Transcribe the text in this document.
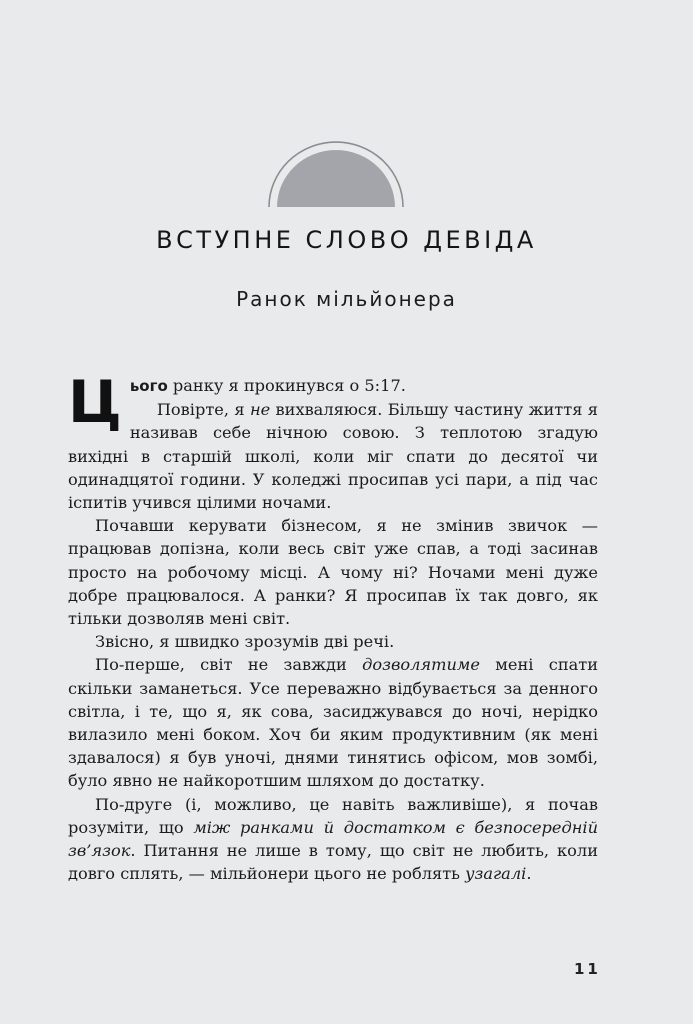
ВСТУПНЕ СЛОВО ДЕВІДА
Ранок мільйонера

Цього ранку я прокинувся о 5:17.

Повірте, я не вихваляюся. Більшу частину життя я називав себе нічною совою. З теплотою згадую вихідні в старшій школі, коли міг спати до десятої чи одинадцятої години. У коледжі просипав усі пари, а під час іспитів учився цілими ночами.

Почавши керувати бізнесом, я не змінив звичок — працював допізна, коли весь світ уже спав, а тоді засинав просто на робочому місці. А чому ні? Ночами мені дуже добре працювалося. А ранки? Я просипав їх так довго, як тільки дозволяв мені світ.

Звісно, я швидко зрозумів дві речі.

По-перше, світ не завжди дозволятиме мені спати скільки заманеться. Усе переважно відбувається за денного світла, і те, що я, як сова, засиджувався до ночі, нерідко вилазило мені боком. Хоч би яким продуктивним (як мені здавалося) я був уночі, днями тинятись офісом, мов зомбі, було явно не найкоротшим шляхом до достатку.

По-друге (і, можливо, це навіть важливіше), я почав розуміти, що між ранками й достатком є безпосередній зв’язок. Питання не лише в тому, що світ не любить, коли довго сплять, — мільйонери цього не роблять узагалі.

11
